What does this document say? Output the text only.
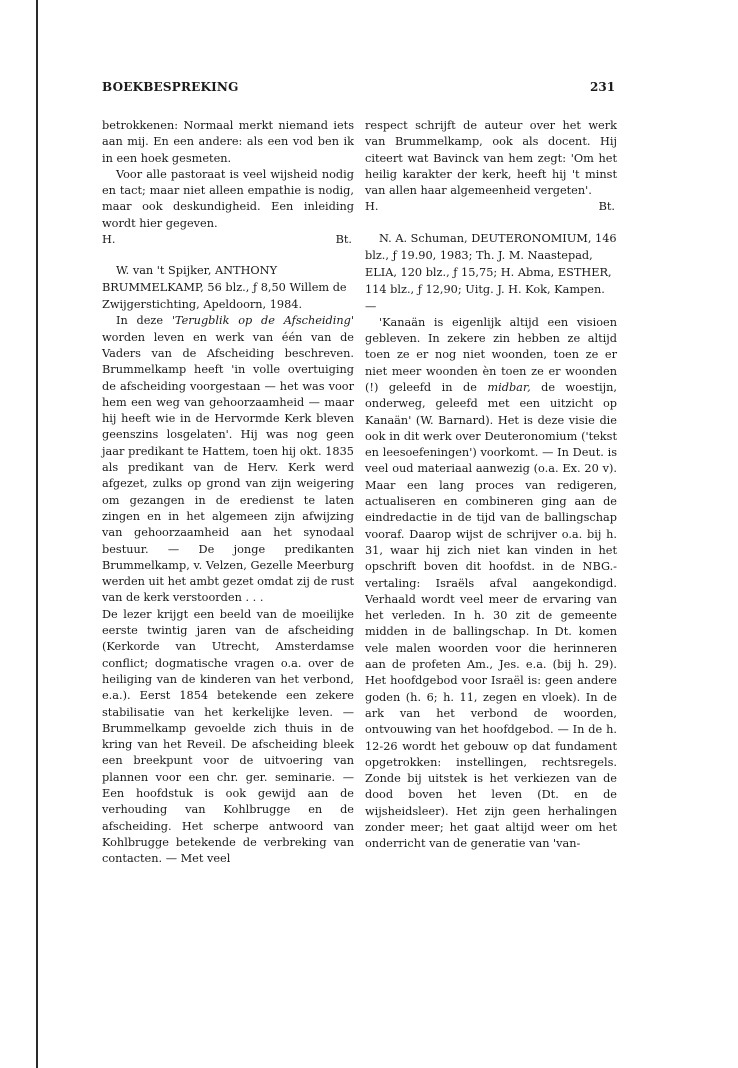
BOEKBESPREKING	231

betrokkenen: Normaal merkt niemand iets aan mij. En een andere: als een vod ben ik in een hoek gesmeten.

Voor alle pastoraat is veel wijsheid nodig en tact; maar niet alleen empathie is nodig, maar ook deskundigheid. Een inleiding wordt hier gegeven.

H.	Bt.

W. van 't Spijker, ANTHONY BRUMMELKAMP, 56 blz., ƒ 8,50 Willem de Zwijgerstichting, Apeldoorn, 1984.

In deze 'Terugblik op de Afscheiding' worden leven en werk van één van de Vaders van de Afscheiding beschreven. Brummelkamp heeft 'in volle overtuiging de afscheiding voorgestaan — het was voor hem een weg van gehoorzaamheid — maar hij heeft wie in de Hervormde Kerk bleven geenszins losgelaten'. Hij was nog geen jaar predikant te Hattem, toen hij okt. 1835 als predikant van de Herv. Kerk werd afgezet, zulks op grond van zijn weigering om gezangen in de eredienst te laten zingen en in het algemeen zijn afwijzing van gehoorzaamheid aan het synodaal bestuur. — De jonge predikanten Brummelkamp, v. Velzen, Gezelle Meerburg werden uit het ambt gezet omdat zij de rust van de kerk verstoorden . . .

De lezer krijgt een beeld van de moeilijke eerste twintig jaren van de afscheiding (Kerkorde van Utrecht, Amsterdamse conflict; dogmatische vragen o.a. over de heiliging van de kinderen van het verbond, e.a.). Eerst 1854 betekende een zekere stabilisatie van het kerkelijke leven. — Brummelkamp gevoelde zich thuis in de kring van het Reveil. De afscheiding bleek een breekpunt voor de uitvoering van plannen voor een chr. ger. seminarie. — Een hoofdstuk is ook gewijd aan de verhouding van Kohlbrugge en de afscheiding. Het scherpe antwoord van Kohlbrugge betekende de verbreking van contacten. — Met veel

respect schrijft de auteur over het werk van Brummelkamp, ook als docent. Hij citeert wat Bavinck van hem zegt: 'Om het heilig karakter der kerk, heeft hij 't minst van allen haar algemeenheid vergeten'.

H.	Bt.

N. A. Schuman, DEUTERONOMIUM, 146 blz., ƒ 19.90, 1983; Th. J. M. Naastepad, ELIA, 120 blz., ƒ 15,75; H. Abma, ESTHER, 114 blz., ƒ 12,90; Uitg. J. H. Kok, Kampen. —

'Kanaän is eigenlijk altijd een visioen gebleven. In zekere zin hebben ze altijd toen ze er nog niet woonden, toen ze er niet meer woonden èn toen ze er woonden (!) geleefd in de midbar, de woestijn, onderweg, geleefd met een uitzicht op Kanaän' (W. Barnard). Het is deze visie die ook in dit werk over Deuteronomium ('tekst en leesoefeningen') voorkomt. — In Deut. is veel oud materiaal aanwezig (o.a. Ex. 20 v). Maar een lang proces van redigeren, actualiseren en combineren ging aan de eindredactie in de tijd van de ballingschap vooraf. Daarop wijst de schrijver o.a. bij h. 31, waar hij zich niet kan vinden in het opschrift boven dit hoofdst. in de NBG.-vertaling: Israëls afval aangekondigd. Verhaald wordt veel meer de ervaring van het verleden. In h. 30 zit de gemeente midden in de ballingschap. In Dt. komen vele malen woorden voor die herinneren aan de profeten Am., Jes. e.a. (bij h. 29). Het hoofdgebod voor Israël is: geen andere goden (h. 6; h. 11, zegen en vloek). In de ark van het verbond de woorden, ontvouwing van het hoofdgebod. — In de h. 12-26 wordt het gebouw op dat fundament opgetrokken: instellingen, rechtsregels. Zonde bij uitstek is het verkiezen van de dood boven het leven (Dt. en de wijsheidsleer). Het zijn geen herhalingen zonder meer; het gaat altijd weer om het onderricht van de generatie van 'van-
